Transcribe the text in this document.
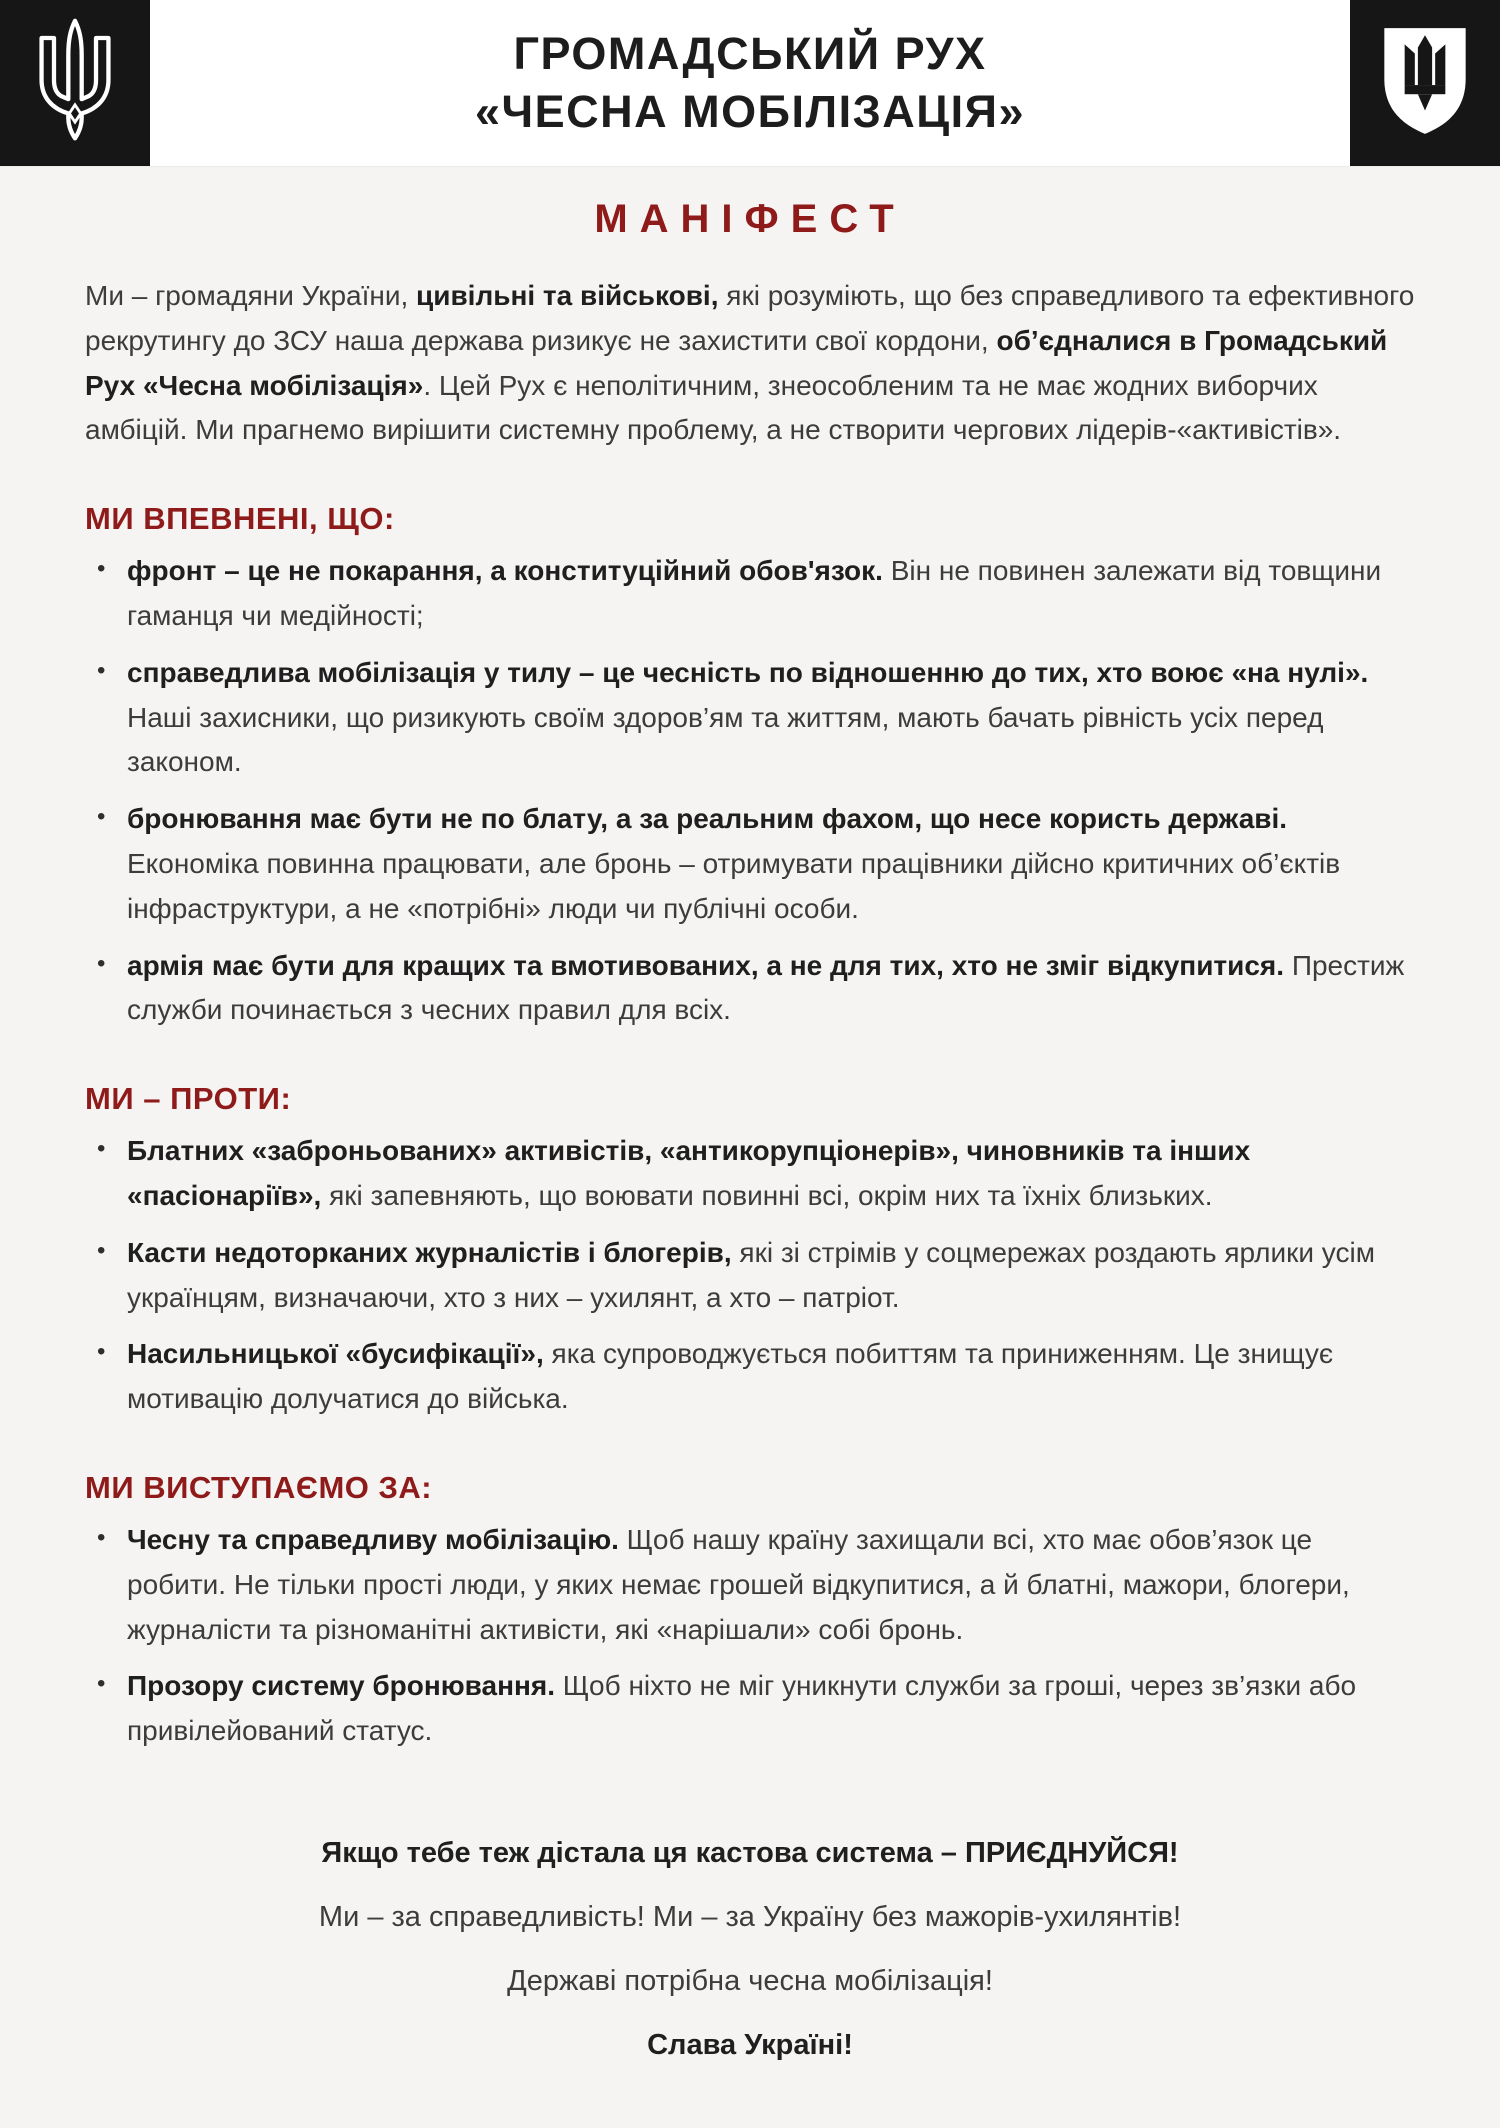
ГРОМАДСЬКИЙ РУХ
«ЧЕСНА МОБІЛІЗАЦІЯ»
МАНІФЕСТ

Ми – громадяни України, цивільні та військові, які розуміють, що без справедливого та ефективного рекрутингу до ЗСУ наша держава ризикує не захистити свої кордони, об’єдналися в Громадський Рух «Чесна мобілізація». Цей Рух є неполітичним, знеособленим та не має жодних виборчих амбіцій. Ми прагнемо вирішити системну проблему, а не створити чергових лідерів-«активістів».

МИ ВПЕВНЕНІ, ЩО:
• фронт – це не покарання, а конституційний обов'язок. Він не повинен залежати від товщини гаманця чи медійності;
• справедлива мобілізація у тилу – це чесність по відношенню до тих, хто воює «на нулі». Наші захисники, що ризикують своїм здоров’ям та життям, мають бачать рівність усіх перед законом.
• бронювання має бути не по блату, а за реальним фахом, що несе користь державі. Економіка повинна працювати, але бронь – отримувати працівники дійсно критичних об’єктів інфраструктури, а не «потрібні» люди чи публічні особи.
• армія має бути для кращих та вмотивованих, а не для тих, хто не зміг відкупитися. Престиж служби починається з чесних правил для всіх.
МИ – ПРОТИ:
• Блатних «заброньованих» активістів, «антикорупціонерів», чиновників та інших «пасіонаріїв», які запевняють, що воювати повинні всі, окрім них та їхніх близьких.
• Касти недоторканих журналістів і блогерів, які зі стрімів у соцмережах роздають ярлики усім українцям, визначаючи, хто з них – ухилянт, а хто – патріот.
• Насильницької «бусифікації», яка супроводжується побиттям та приниженням. Це знищує мотивацію долучатися до війська.
МИ ВИСТУПАЄМО ЗА:
• Чесну та справедливу мобілізацію. Щоб нашу країну захищали всі, хто має обов’язок це робити. Не тільки прості люди, у яких немає грошей відкупитися, а й блатні, мажори, блогери, журналісти та різноманітні активісти, які «нарішали» собі бронь.
• Прозору систему бронювання. Щоб ніхто не міг уникнути служби за гроші, через зв’язки або привілейований статус.

Якщо тебе теж дістала ця кастова система – ПРИЄДНУЙСЯ!

Ми – за справедливість! Ми – за Україну без мажорів-ухилянтів!

Державі потрібна чесна мобілізація!

Слава Україні!
